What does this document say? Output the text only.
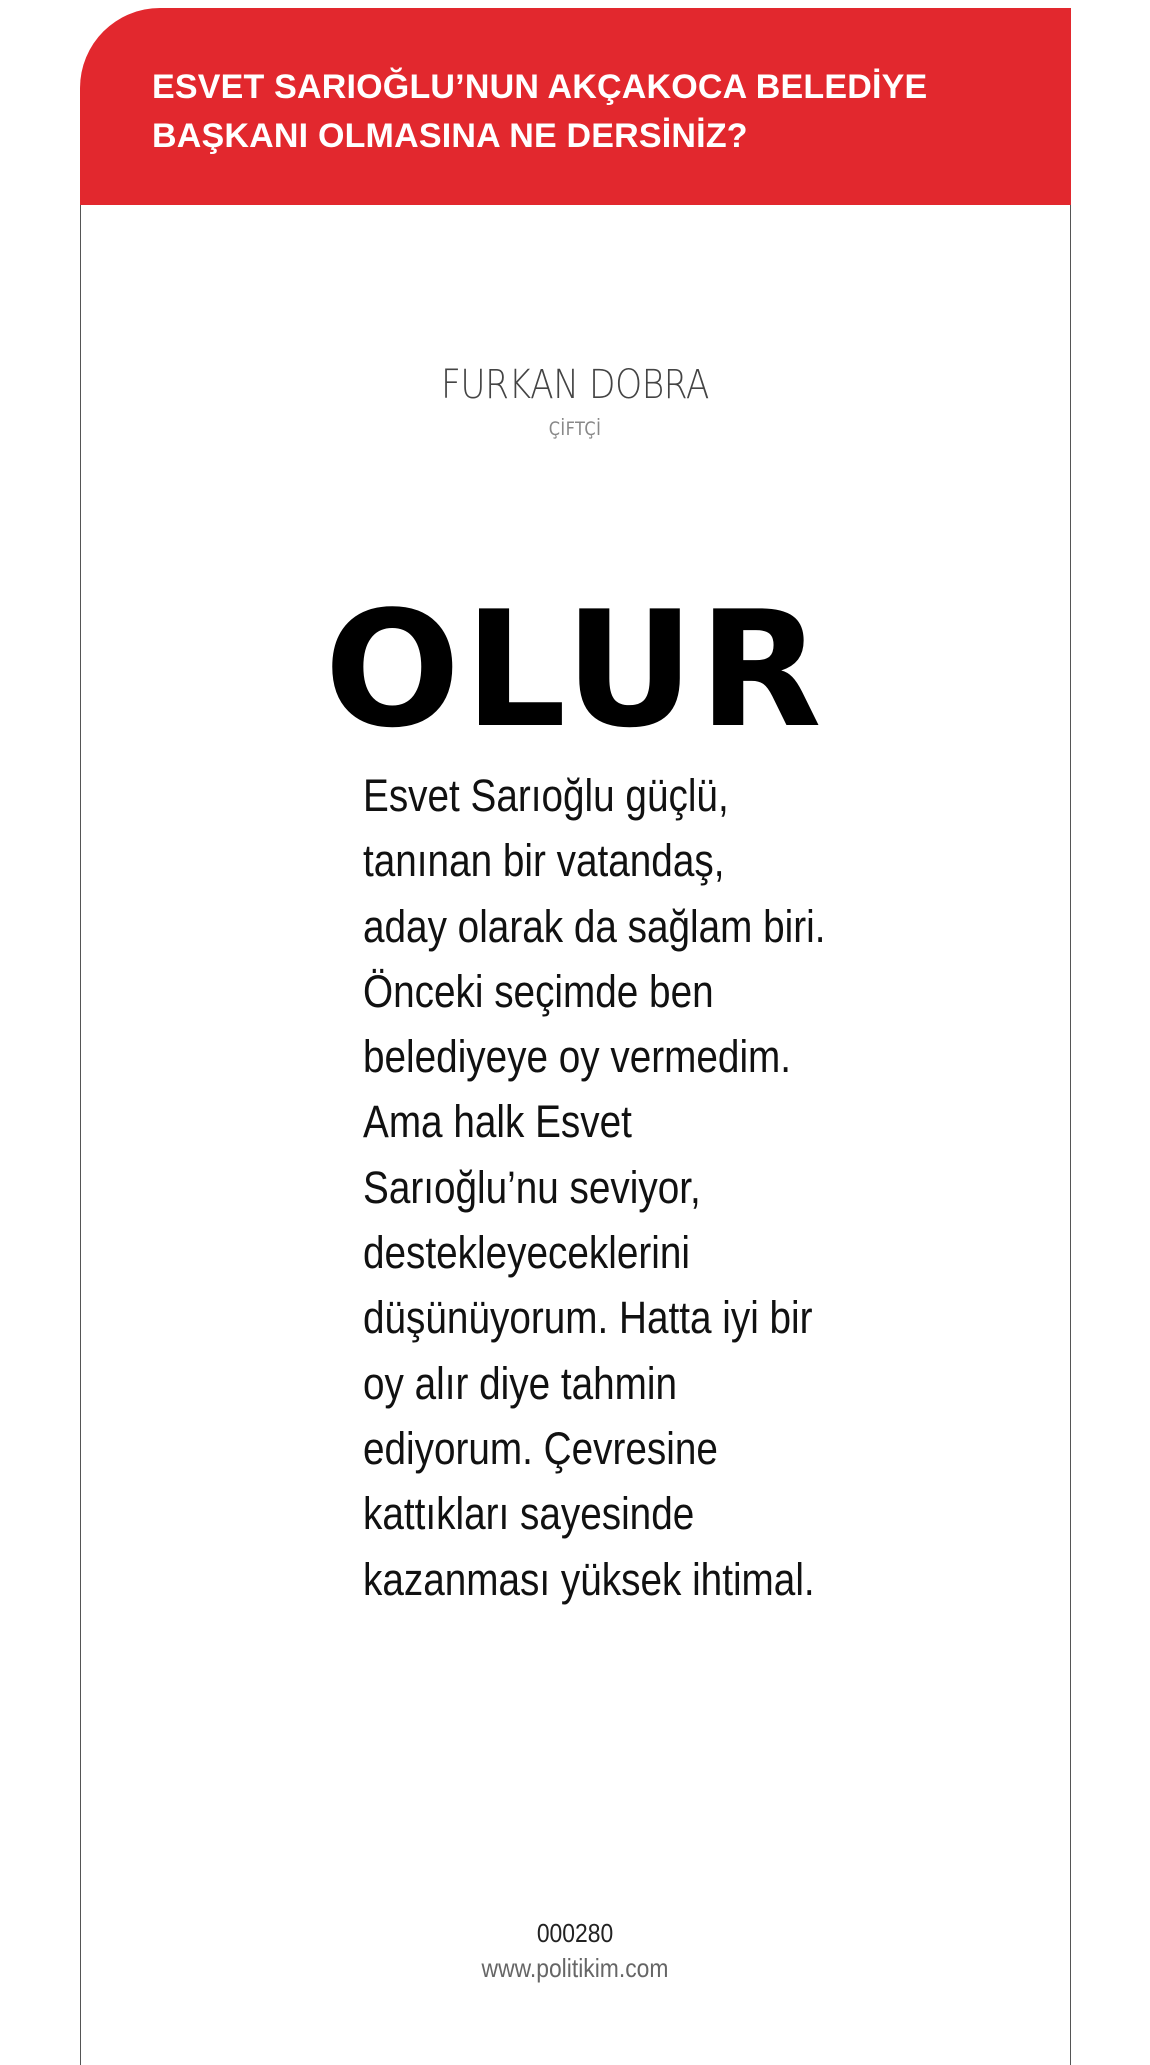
ESVET SARIOĞLU’NUN AKÇAKOCA BELEDİYE
BAŞKANI OLMASINA NE DERSİNİZ?
FURKAN DOBRA
ÇİFTÇİ
OLUR
Esvet Sarıoğlu güçlü,
tanınan bir vatandaş,
aday olarak da sağlam biri.
Önceki seçimde ben
belediyeye oy vermedim.
Ama halk Esvet
Sarıoğlu’nu seviyor,
destekleyeceklerini
düşünüyorum. Hatta iyi bir
oy alır diye tahmin
ediyorum. Çevresine
kattıkları sayesinde
kazanması yüksek ihtimal.
000280
www.politikim.com
